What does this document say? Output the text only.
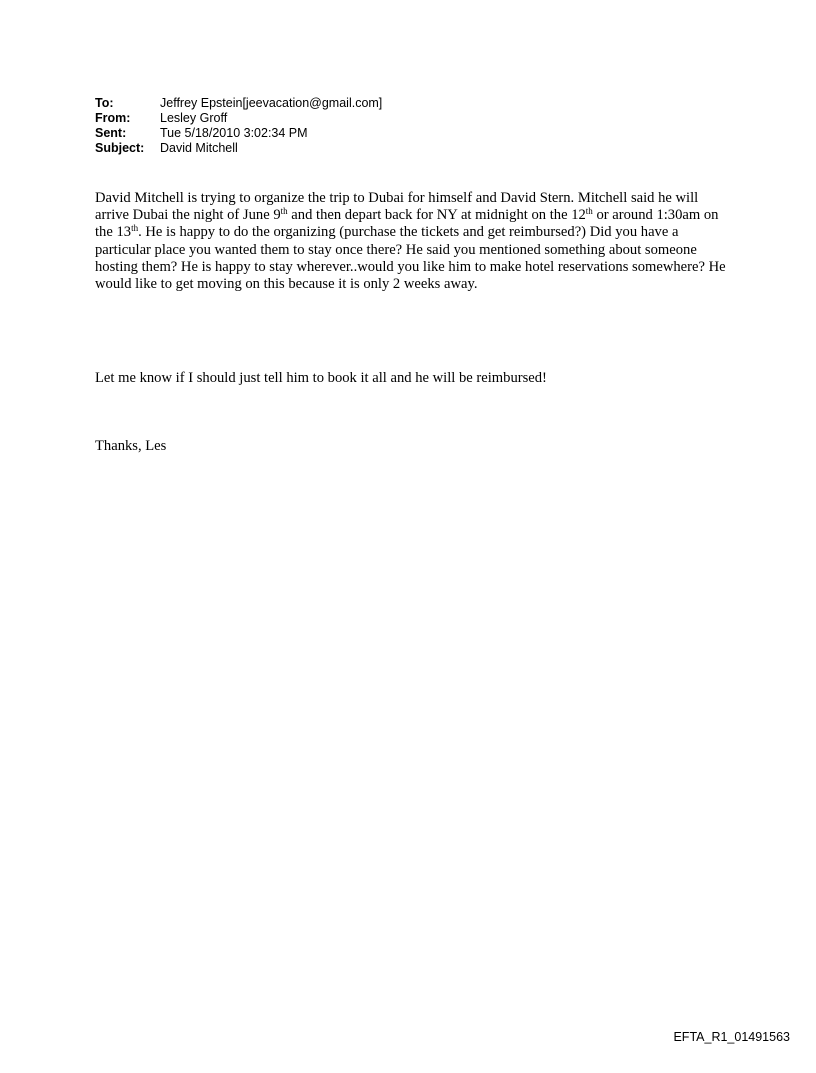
To:	Jeffrey Epstein[jeevacation@gmail.com]
From:	Lesley Groff
Sent:	Tue 5/18/2010 3:02:34 PM
Subject:	David Mitchell

David Mitchell is trying to organize the trip to Dubai for himself and David Stern. Mitchell said he will arrive Dubai the night of June 9th and then depart back for NY at midnight on the 12th or around 1:30am on the 13th. He is happy to do the organizing (purchase the tickets and get reimbursed?) Did you have a particular place you wanted them to stay once there? He said you mentioned something about someone hosting them? He is happy to stay wherever..would you like him to make hotel reservations somewhere? He would like to get moving on this because it is only 2 weeks away.

Let me know if I should just tell him to book it all and he will be reimbursed!

Thanks, Les

EFTA_R1_01491563
